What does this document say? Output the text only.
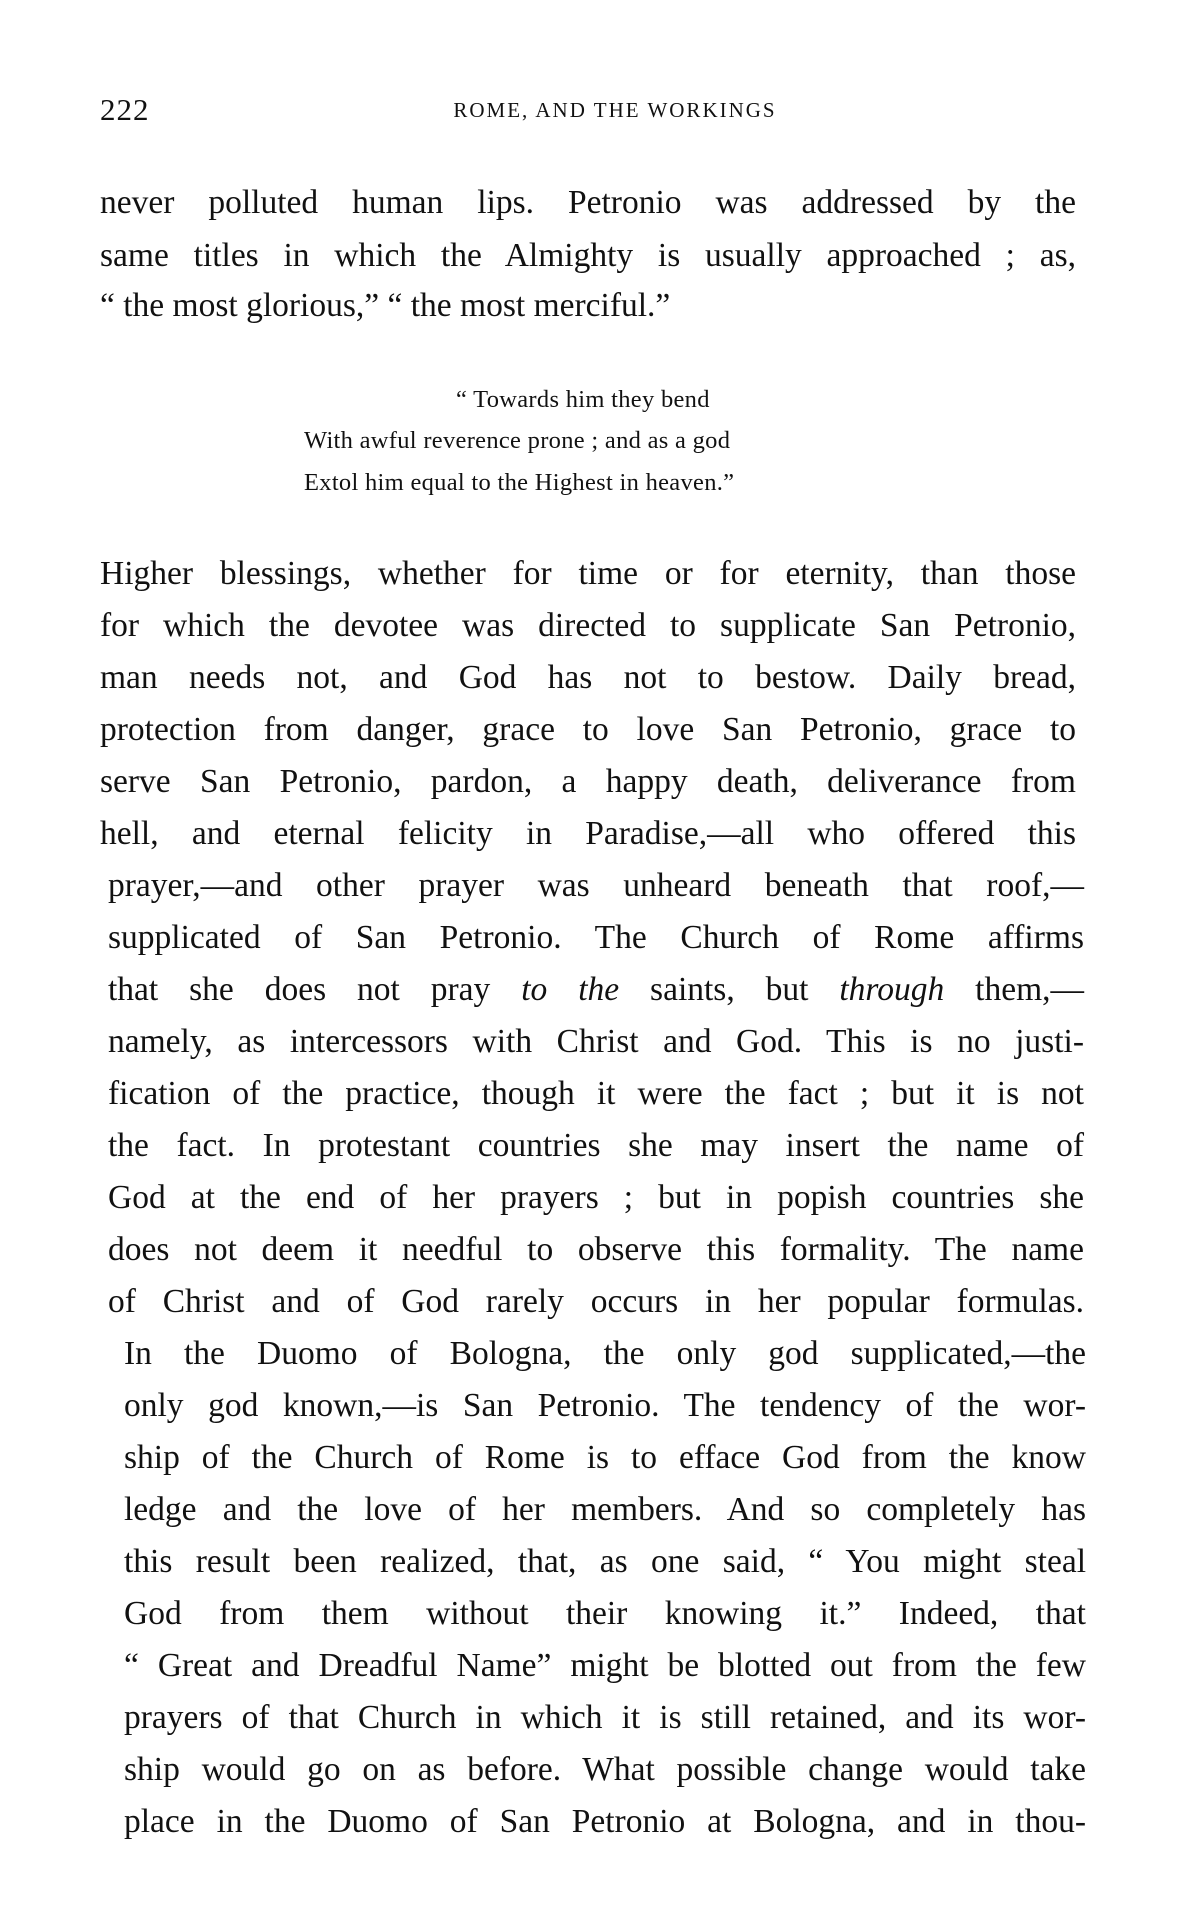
222	ROME, AND THE WORKINGS
never polluted human lips. Petronio was addressed by the
same titles in which the Almighty is usually approached ; as,
“ the most glorious,” “ the most merciful.”
“ Towards him they bend
With awful reverence prone ; and as a god
Extol him equal to the Highest in heaven.”
Higher blessings, whether for time or for eternity, than those
for which the devotee was directed to supplicate San Petronio,
man needs not, and God has not to bestow. Daily bread,
protection from danger, grace to love San Petronio, grace to
serve San Petronio, pardon, a happy death, deliverance from
hell, and eternal felicity in Paradise,—all who offered this
prayer,—and other prayer was unheard beneath that roof,—
supplicated of San Petronio. The Church of Rome affirms
that she does not pray to the saints, but through them,—
namely, as intercessors with Christ and God. This is no justi-
fication of the practice, though it were the fact ; but it is not
the fact. In protestant countries she may insert the name of
God at the end of her prayers ; but in popish countries she
does not deem it needful to observe this formality. The name
of Christ and of God rarely occurs in her popular formulas.
In the Duomo of Bologna, the only god supplicated,—the
only god known,—is San Petronio. The tendency of the wor-
ship of the Church of Rome is to efface God from the know
ledge and the love of her members. And so completely has
this result been realized, that, as one said, “ You might steal
God from them without their knowing it.” Indeed, that
“ Great and Dreadful Name” might be blotted out from the few
prayers of that Church in which it is still retained, and its wor-
ship would go on as before. What possible change would take
place in the Duomo of San Petronio at Bologna, and in thou-
